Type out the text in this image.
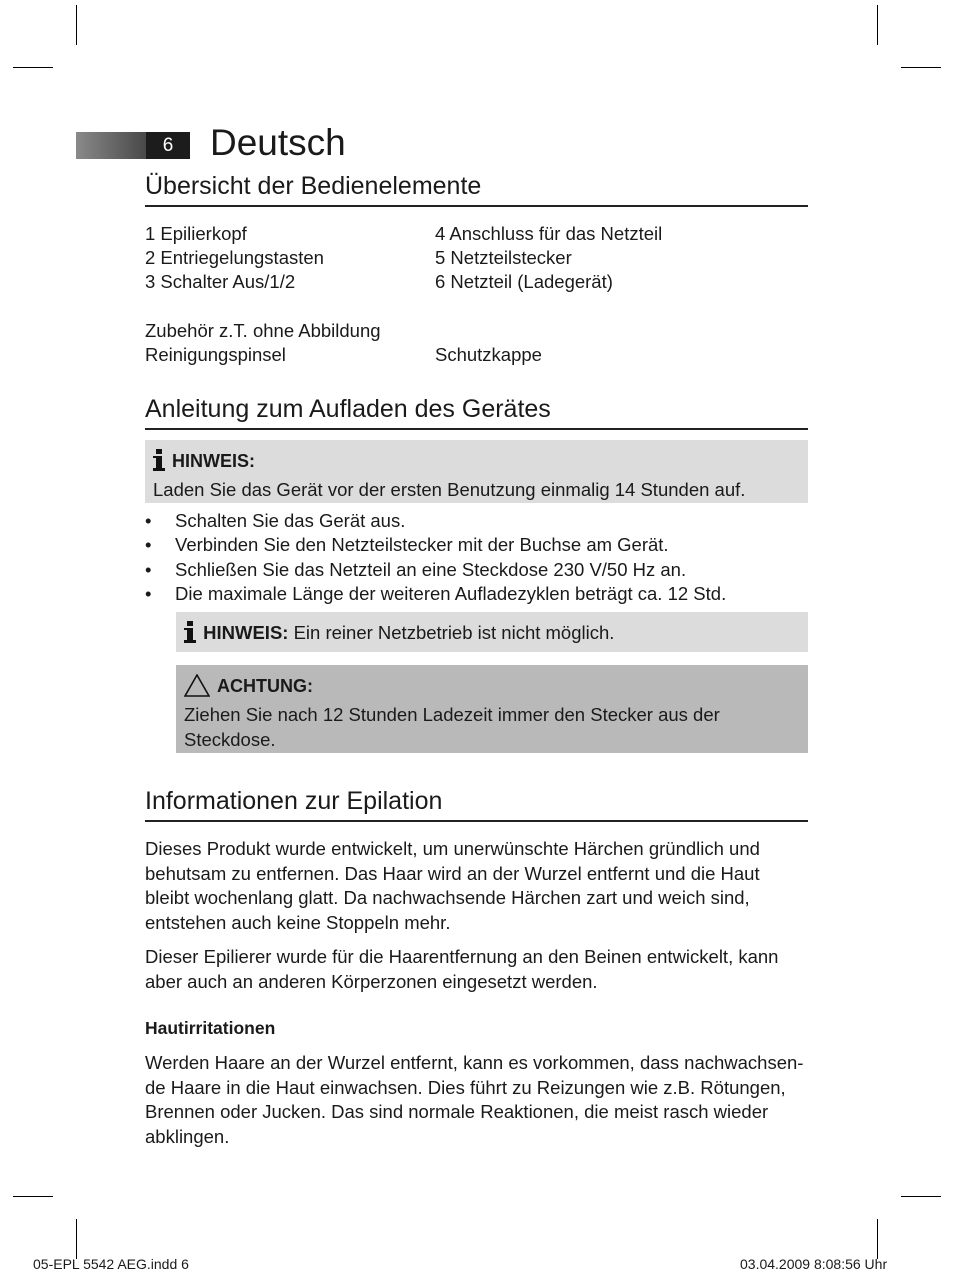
6 Deutsch
Übersicht der Bedienelemente
1 Epilierkopf
2 Entriegelungstasten
3 Schalter Aus/1/2
4 Anschluss für das Netzteil
5 Netzteilstecker
6 Netzteil (Ladegerät)
Zubehör z.T. ohne Abbildung
Reinigungspinsel	Schutzkappe
Anleitung zum Aufladen des Gerätes
HINWEIS:
Laden Sie das Gerät vor der ersten Benutzung einmalig 14 Stunden auf.
• Schalten Sie das Gerät aus.
• Verbinden Sie den Netzteilstecker mit der Buchse am Gerät.
• Schließen Sie das Netzteil an eine Steckdose 230 V/50 Hz an.
• Die maximale Länge der weiteren Aufladezyklen beträgt ca. 12 Std.
HINWEIS: Ein reiner Netzbetrieb ist nicht möglich.
ACHTUNG:
Ziehen Sie nach 12 Stunden Ladezeit immer den Stecker aus der
Steckdose.
Informationen zur Epilation
Dieses Produkt wurde entwickelt, um unerwünschte Härchen gründlich und behutsam zu entfernen. Das Haar wird an der Wurzel entfernt und die Haut bleibt wochenlang glatt. Da nachwachsende Härchen zart und weich sind, entstehen auch keine Stoppeln mehr.
Dieser Epilierer wurde für die Haarentfernung an den Beinen entwickelt, kann aber auch an anderen Körperzonen eingesetzt werden.
Hautirritationen
Werden Haare an der Wurzel entfernt, kann es vorkommen, dass nachwachsen-de Haare in die Haut einwachsen. Dies führt zu Reizungen wie z.B. Rötungen, Brennen oder Jucken. Das sind normale Reaktionen, die meist rasch wieder abklingen.
05-EPL 5542 AEG.indd 6	03.04.2009 8:08:56 Uhr
